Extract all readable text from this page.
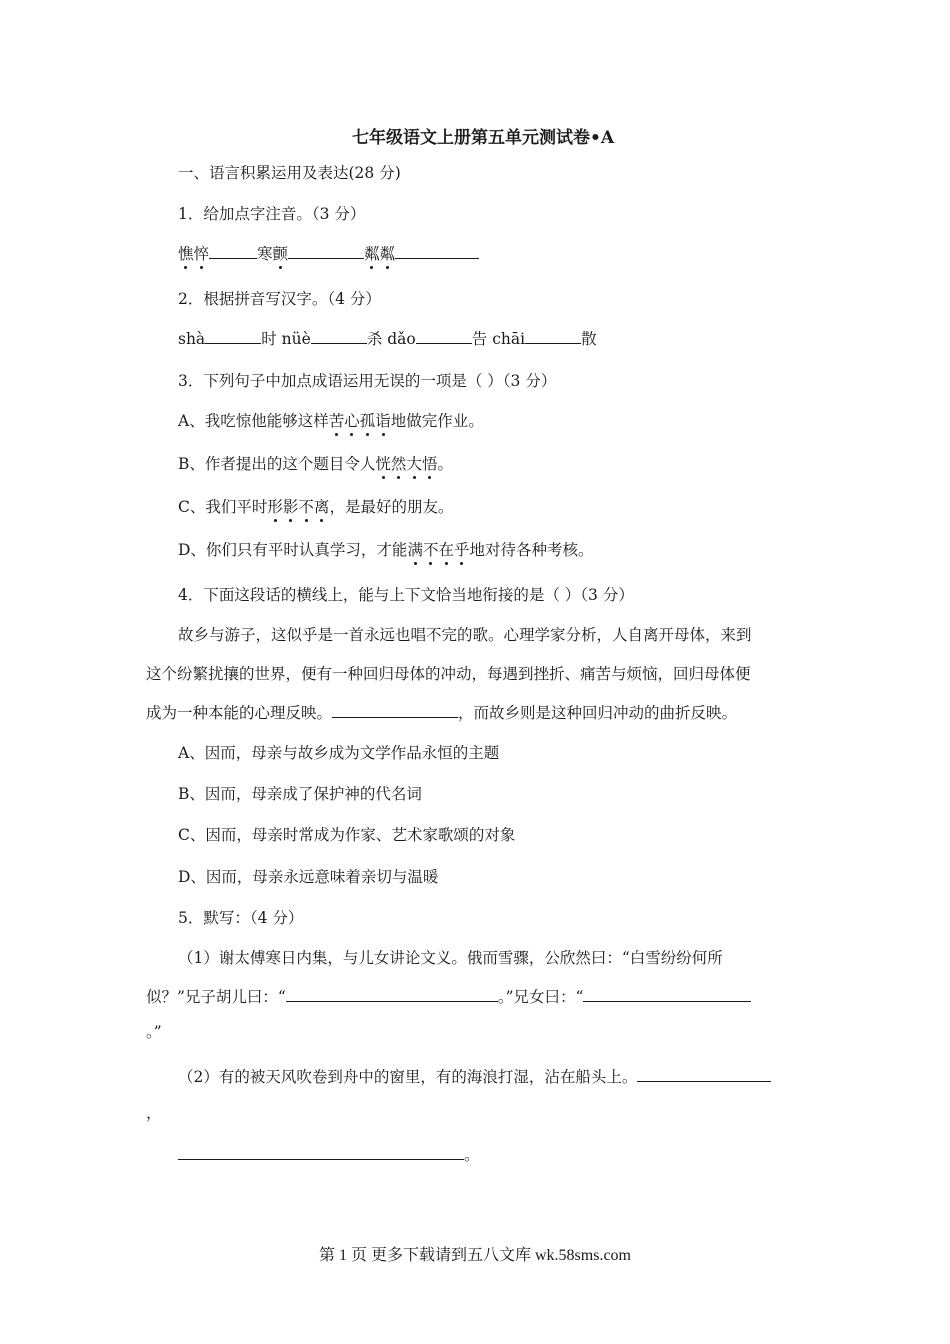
七年级语文上册第五单元测试卷•A
一、语言积累运用及表达(28 分)
1．给加点字注音。（3 分）
憔悴	寒颤	粼粼
2．根据拼音写汉字。（4 分）
shà	时 nüè	杀 dǎo	告 chāi	散
3．下列句子中加点成语运用无误的一项是（ ）（3 分）
A、我吃惊他能够这样苦心孤诣地做完作业。
B、作者提出的这个题目令人恍然大悟。
C、我们平时形影不离，是最好的朋友。
D、你们只有平时认真学习，才能满不在乎地对待各种考核。
4．下面这段话的横线上，能与上下文恰当地衔接的是（ ）（3 分）
故乡与游子，这似乎是一首永远也唱不完的歌。心理学家分析，人自离开母体，来到
这个纷繁扰攘的世界，便有一种回归母体的冲动，每遇到挫折、痛苦与烦恼，回归母体便
成为一种本能的心理反映。	，而故乡则是这种回归冲动的曲折反映。
A、因而，母亲与故乡成为文学作品永恒的主题
B、因而，母亲成了保护神的代名词
C、因而，母亲时常成为作家、艺术家歌颂的对象
D、因而，母亲永远意味着亲切与温暖
5．默写：（4 分）
（1）谢太傅寒日内集，与儿女讲论文义。俄而雪骤，公欣然曰：“白雪纷纷何所
似？”兄子胡儿曰：“	。”兄女曰：“
。”
（2）有的被天风吹卷到舟中的窗里，有的海浪打湿，沾在船头上。
，
。
第 1 页 更多下载请到五八文库 wk.58sms.com
